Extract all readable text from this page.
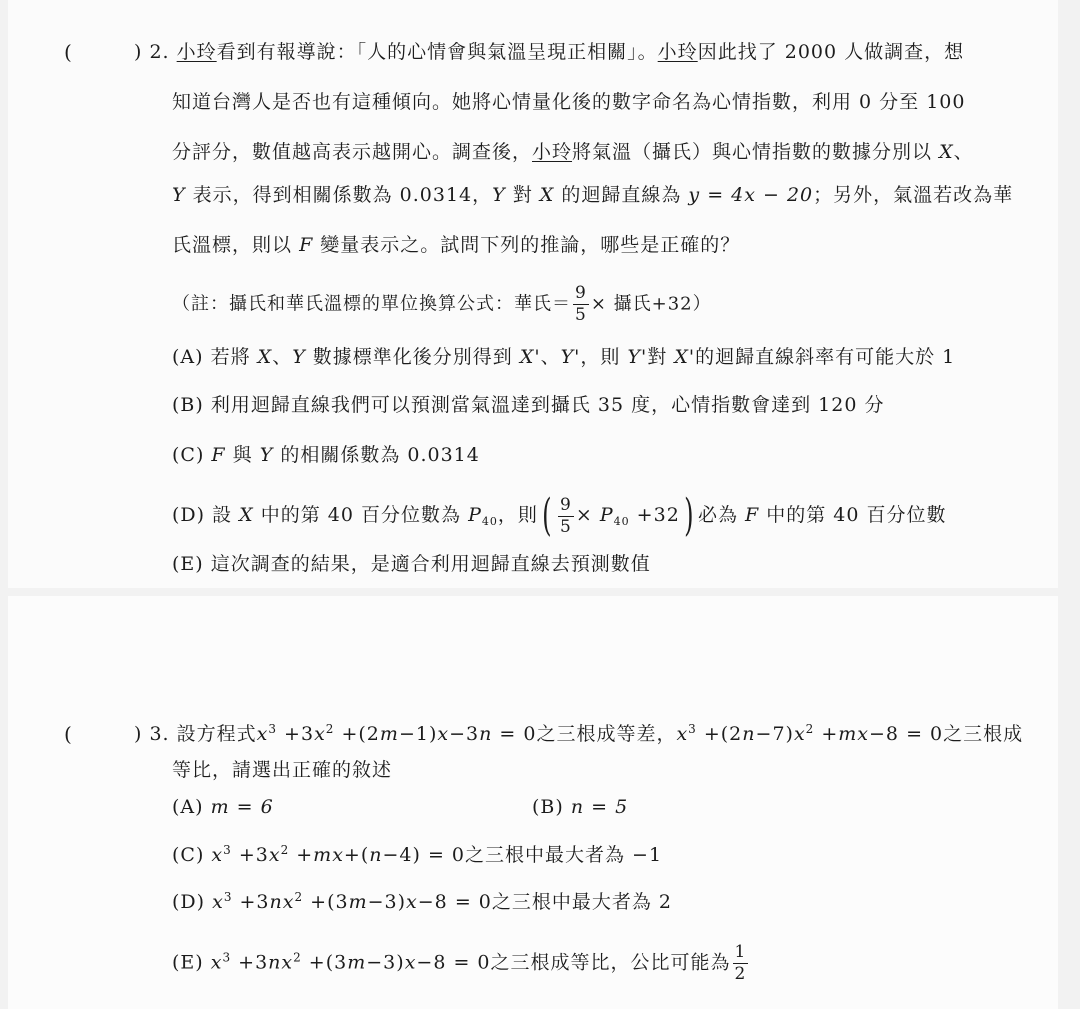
(	) 2. 小玲看到有報導說：「人的心情會與氣溫呈現正相關」。小玲因此找了 2000 人做調查，想
知道台灣人是否也有這種傾向。她將心情量化後的數字命名為心情指數，利用 0 分至 100
分評分，數值越高表示越開心。調查後，小玲將氣溫（攝氏）與心情指數的數據分別以 X、
Y 表示，得到相關係數為 0.0314，Y 對 X 的迴歸直線為 y = 4x − 20；另外，氣溫若改為華
氏溫標，則以 F 變量表示之。試問下列的推論，哪些是正確的？
（註：攝氏和華氏溫標的單位換算公式：華氏＝ $\frac{9}{5}$ × 攝氏+32）
(A) 若將 X、Y 數據標準化後分別得到 X'、Y'，則 Y'對 X'的迴歸直線斜率有可能大於 1
(B) 利用迴歸直線我們可以預測當氣溫達到攝氏 35 度，心情指數會達到 120 分
(C) F 與 Y 的相關係數為 0.0314
(D) 設 X 中的第 40 百分位數為 $P_{40}$，則( $\frac{9}{5} \times P_{40} +32$) 必為 F 中的第 40 百分位數
(E) 這次調查的結果，是適合利用迴歸直線去預測數值
(	) 3. 設方程式$x^3 +3x^2 +(2m-1)x-3n = 0$之三根成等差，$x^3 +(2n-7)x^2 +mx-8 = 0$之三根成
等比，請選出正確的敘述
(A) m = 6	(B) n = 5
(C) $x^3 +3x^2 +mx+(n-4) = 0$之三根中最大者為 −1
(D) $x^3 +3nx^2 +(3m-3)x-8 = 0$之三根中最大者為 2
(E) $x^3 +3nx^2 +(3m-3)x-8 = 0$之三根成等比，公比可能為 $\frac{1}{2}$
